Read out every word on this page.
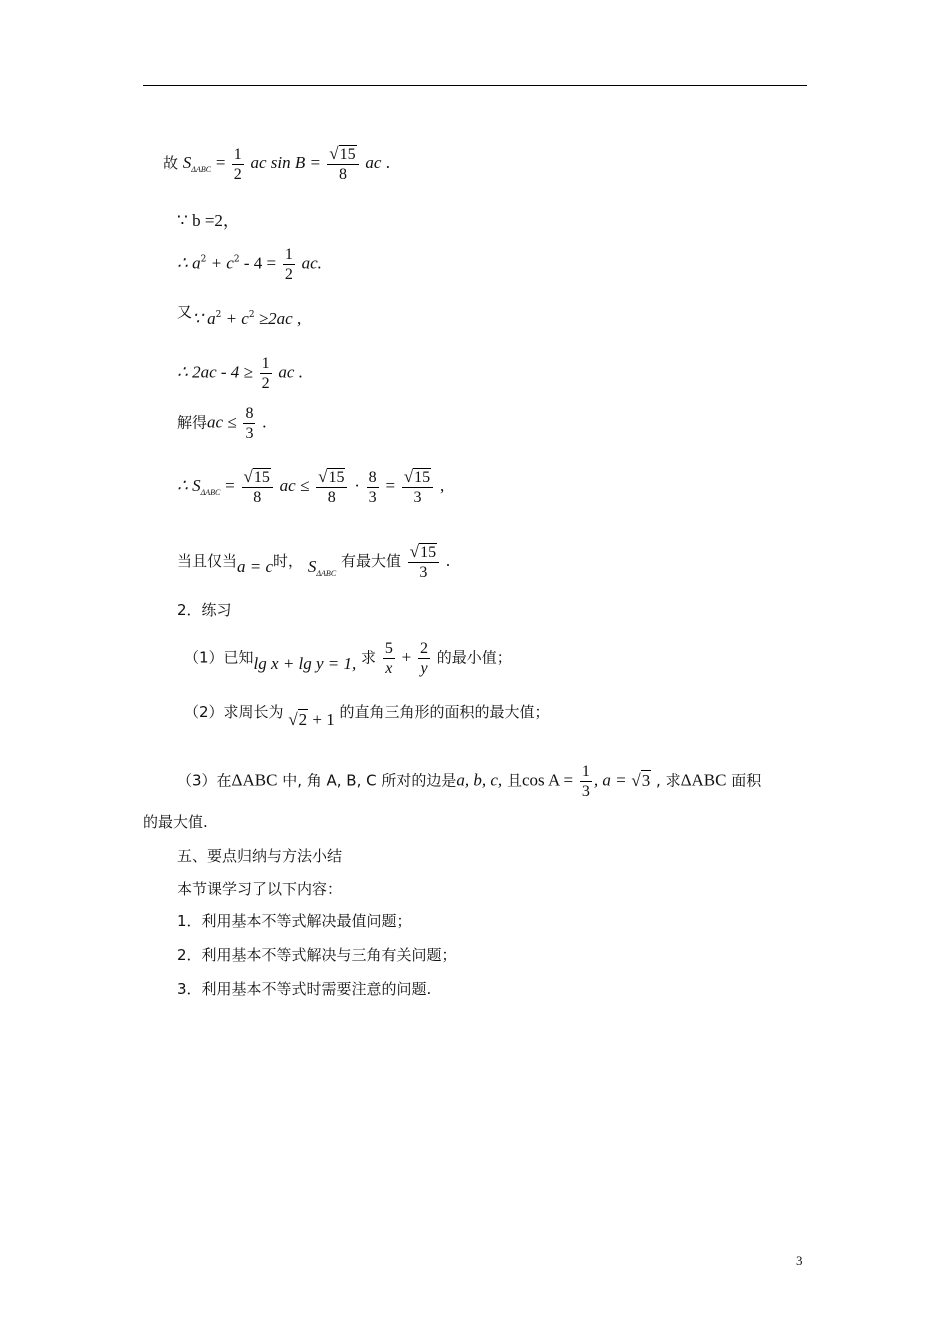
故 $S_{\Delta ABC} = \frac{1}{2}$ ac $\sin B = \frac{√15}{8}$ ac .
∵ b =2，
∴ $a^2 + c^2 - 4 = \frac{1}{2}$ ac.
又∵ $a^2 + c^2 \ge 2ac$ ,
∴ $2ac - 4 \ge \frac{1}{2}$ ac .
解得ac ≤ $\frac{8}{3}$ .
∴ $S_{\Delta ABC} = \frac{√15}{8}$ ac ≤ $\frac{√15}{8} \cdot \frac{8}{3} = \frac{√15}{3}$ ,
当且仅当a = c时， $S_{\Delta ABC}$ 有最大值 $\frac{√15}{3}$ .
2．练习
（1）已知lg x + lg y = 1, 求 $\frac{5}{x} + \frac{2}{y}$ 的最小值；
（2）求周长为 √2 + 1 的直角三角形的面积的最大值；
（3）在ΔABC 中, 角 A, B, C 所对的边是a, b, c, 且$\cos A = \frac{1}{3}$ , a = √3 , 求ΔABC 面积
的最大值.
五、要点归纳与方法小结
本节课学习了以下内容：
1．利用基本不等式解决最值问题；
2．利用基本不等式解决与三角有关问题；
3．利用基本不等式时需要注意的问题.
3
